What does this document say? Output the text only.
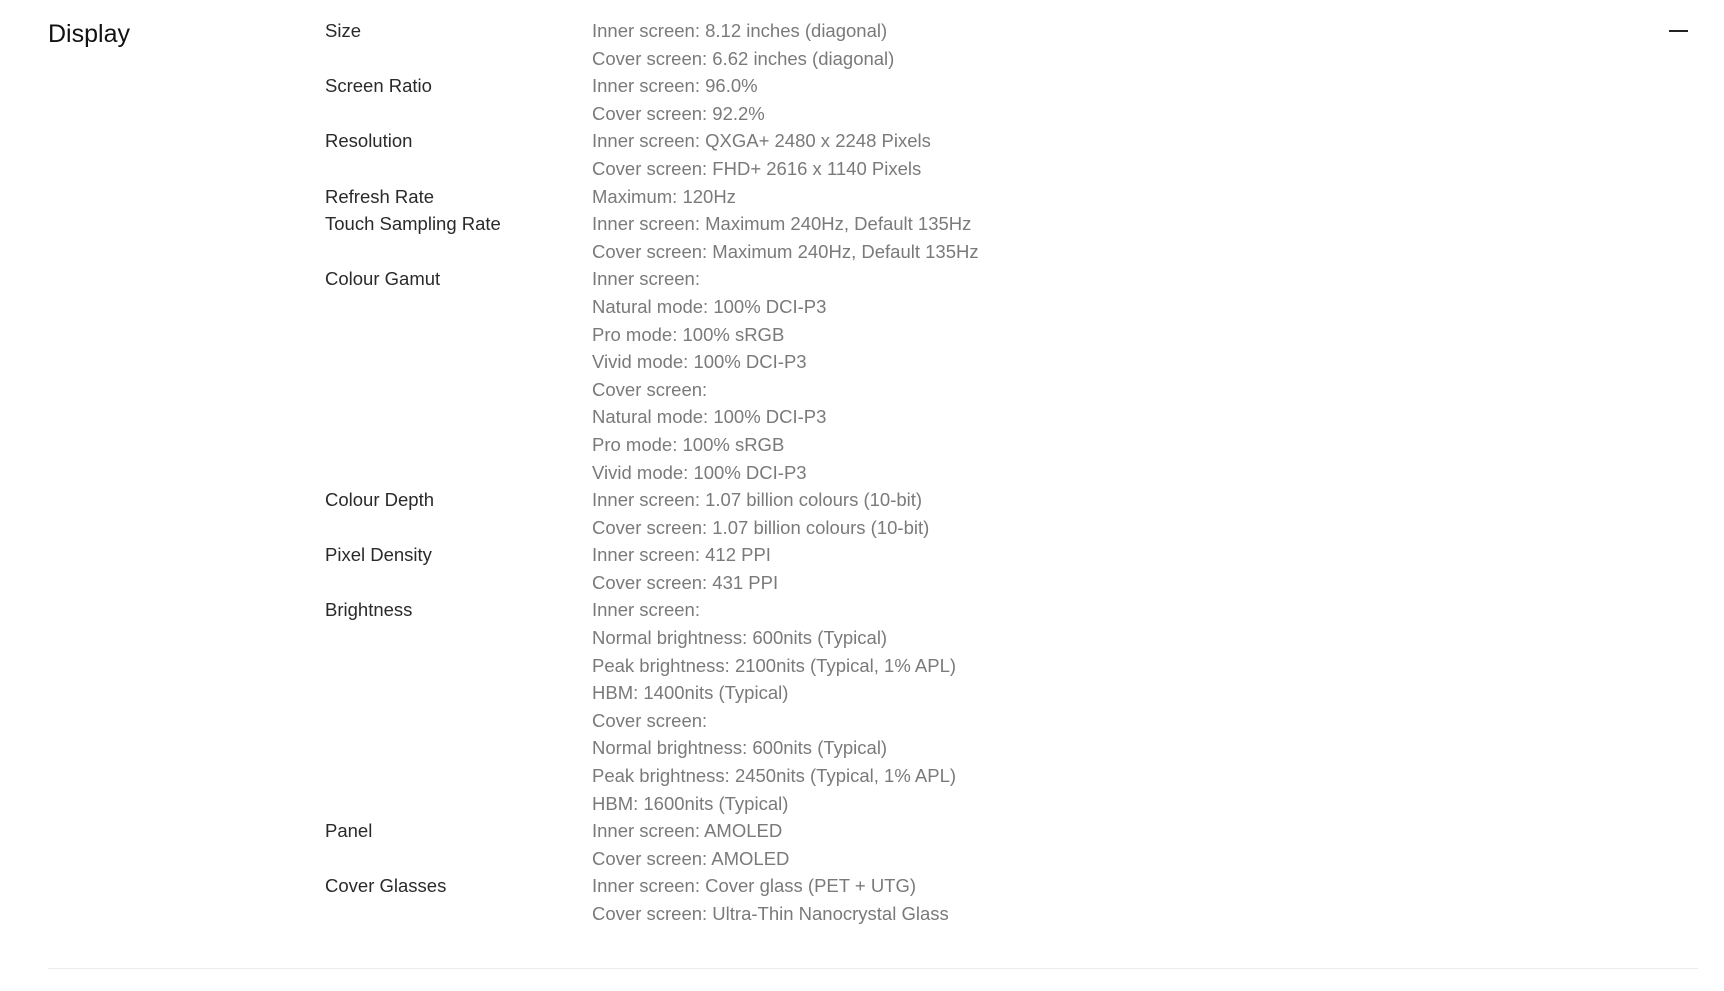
Display	Size	Inner screen: 8.12 inches (diagonal)
Cover screen: 6.62 inches (diagonal)
Screen Ratio	Inner screen: 96.0%
Cover screen: 92.2%
Resolution	Inner screen: QXGA+ 2480 x 2248 Pixels
Cover screen: FHD+ 2616 x 1140 Pixels
Refresh Rate	Maximum: 120Hz
Touch Sampling Rate	Inner screen: Maximum 240Hz, Default 135Hz
Cover screen: Maximum 240Hz, Default 135Hz
Colour Gamut	Inner screen:
Natural mode: 100% DCI-P3
Pro mode: 100% sRGB
Vivid mode: 100% DCI-P3
Cover screen:
Natural mode: 100% DCI-P3
Pro mode: 100% sRGB
Vivid mode: 100% DCI-P3
Colour Depth	Inner screen: 1.07 billion colours (10-bit)
Cover screen: 1.07 billion colours (10-bit)
Pixel Density	Inner screen: 412 PPI
Cover screen: 431 PPI
Brightness	Inner screen:
Normal brightness: 600nits (Typical)
Peak brightness: 2100nits (Typical, 1% APL)
HBM: 1400nits (Typical)
Cover screen:
Normal brightness: 600nits (Typical)
Peak brightness: 2450nits (Typical, 1% APL)
HBM: 1600nits (Typical)
Panel	Inner screen: AMOLED
Cover screen: AMOLED
Cover Glasses	Inner screen: Cover glass (PET + UTG)
Cover screen: Ultra-Thin Nanocrystal Glass
